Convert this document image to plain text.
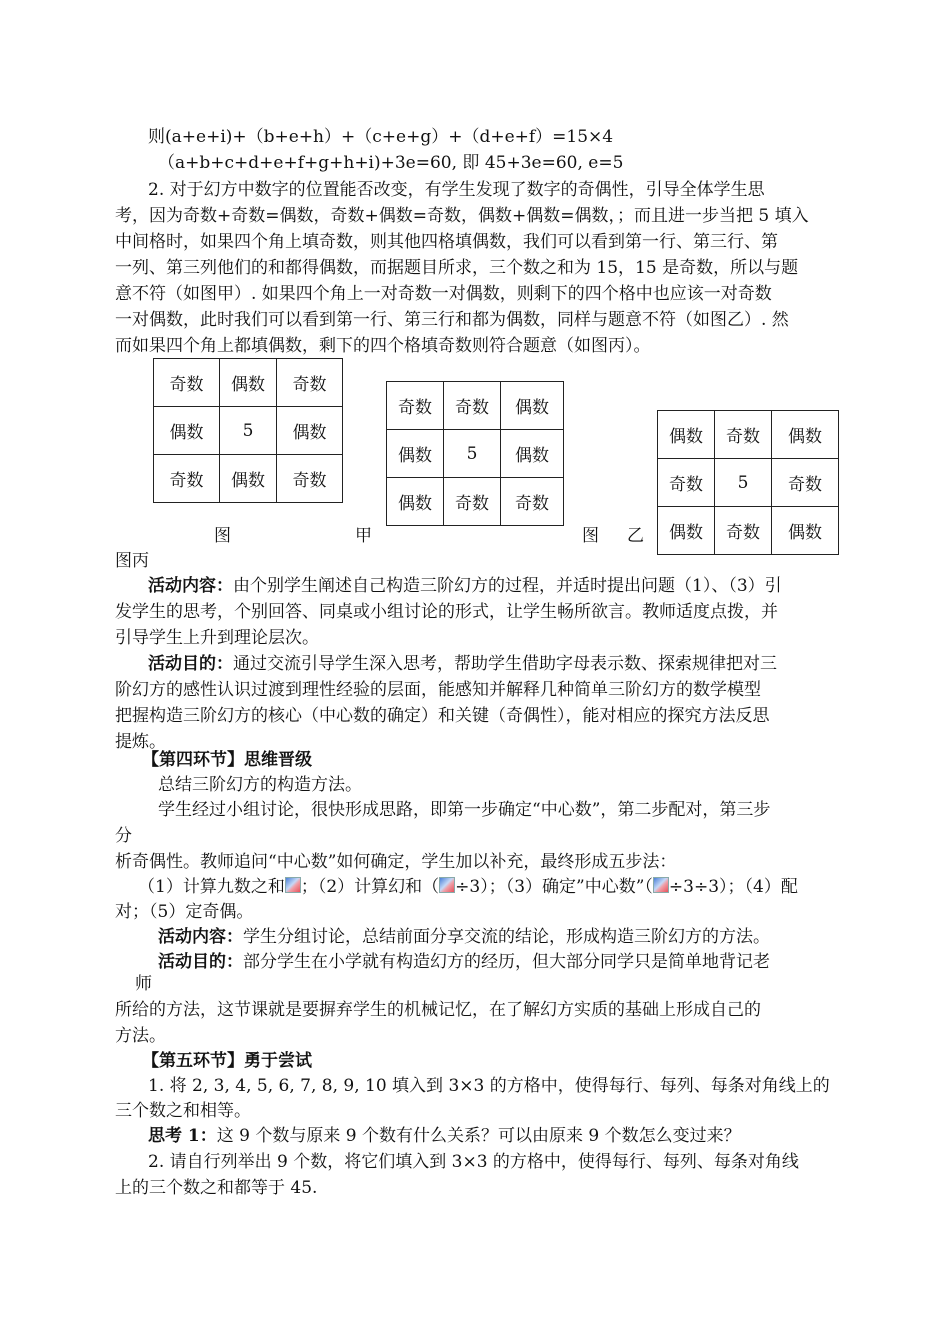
则(a+e+i)+（b+e+h）+（c+e+g）+（d+e+f）=15×4
（a+b+c+d+e+f+g+h+i)+3e=60, 即 45+3e=60, e=5
2. 对于幻方中数字的位置能否改变，有学生发现了数字的奇偶性，引导全体学生思
考，因为奇数+奇数=偶数，奇数+偶数=奇数，偶数+偶数=偶数，；而且进一步当把 5 填入
中间格时，如果四个角上填奇数，则其他四格填偶数，我们可以看到第一行、第三行、第
一列、第三列他们的和都得偶数，而据题目所求，三个数之和为 15，15 是奇数，所以与题
意不符（如图甲）. 如果四个角上一对奇数一对偶数，则剩下的四个格中也应该一对奇数
一对偶数，此时我们可以看到第一行、第三行和都为偶数，同样与题意不符（如图乙）. 然
而如果四个角上都填偶数，剩下的四个格填奇数则符合题意（如图丙）。
奇数	偶数	奇数
偶数	5	偶数
奇数	偶数	奇数
奇数	奇数	偶数
偶数	5	偶数
偶数	奇数	奇数
偶数	奇数	偶数
奇数	5	奇数
偶数	奇数	偶数
图	甲	图 乙
图丙
活动内容：由个别学生阐述自己构造三阶幻方的过程，并适时提出问题（1）、（3）引
发学生的思考，个别回答、同桌或小组讨论的形式，让学生畅所欲言。教师适度点拨，并
引导学生上升到理论层次。
活动目的：通过交流引导学生深入思考，帮助学生借助字母表示数、探索规律把对三
阶幻方的感性认识过渡到理性经验的层面，能感知并解释几种简单三阶幻方的数学模型
把握构造三阶幻方的核心（中心数的确定）和关键（奇偶性），能对相应的探究方法反思
提炼。
【第四环节】思维晋级
总结三阶幻方的构造方法。
学生经过小组讨论，很快形成思路，即第一步确定“中心数”，第二步配对，第三步
分
析奇偶性。教师追问“中心数”如何确定，学生加以补充，最终形成五步法：
（1）计算九数之和 ；（2）计算幻和（ ÷3）；（3）确定”中心数”（ ÷3÷3）；（4）配
对；（5）定奇偶。
活动内容：学生分组讨论，总结前面分享交流的结论，形成构造三阶幻方的方法。
活动目的：部分学生在小学就有构造幻方的经历，但大部分同学只是简单地背记老
师
所给的方法，这节课就是要摒弃学生的机械记忆，在了解幻方实质的基础上形成自己的
方法。
【第五环节】勇于尝试
1. 将 2, 3, 4, 5, 6, 7, 8, 9, 10 填入到 3×3 的方格中，使得每行、每列、每条对角线上的
三个数之和相等。
思考 1：这 9 个数与原来 9 个数有什么关系？可以由原来 9 个数怎么变过来？
2. 请自行列举出 9 个数，将它们填入到 3×3 的方格中，使得每行、每列、每条对角线
上的三个数之和都等于 45.
